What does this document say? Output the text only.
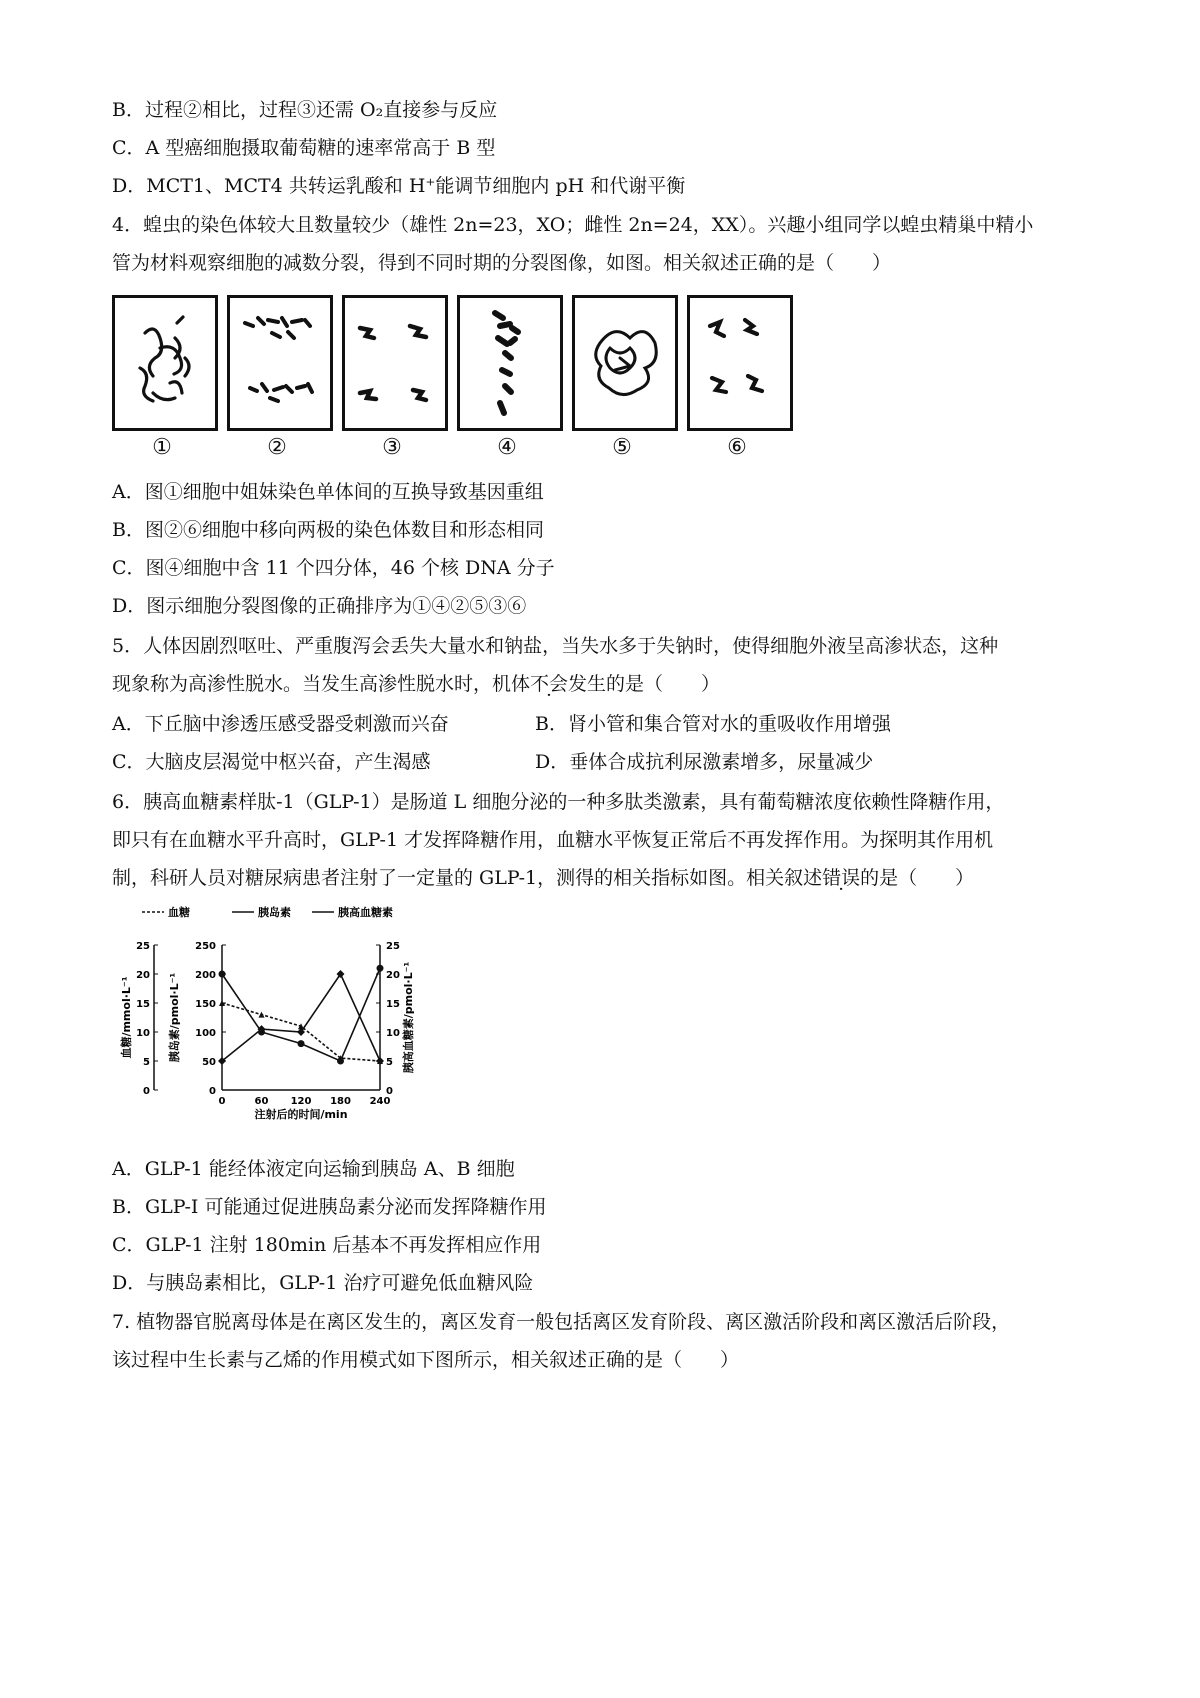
B．过程②相比，过程③还需 O₂直接参与反应
C．A 型癌细胞摄取葡萄糖的速率常高于 B 型
D．MCT1、MCT4 共转运乳酸和 H⁺能调节细胞内 pH 和代谢平衡
4．蝗虫的染色体较大且数量较少（雄性 2n=23，XO；雌性 2n=24，XX）。兴趣小组同学以蝗虫精巢中精小
管为材料观察细胞的减数分裂，得到不同时期的分裂图像，如图。相关叙述正确的是（　　）
①	②	③	④	⑤	⑥
A．图①细胞中姐妹染色单体间的互换导致基因重组
B．图②⑥细胞中移向两极的染色体数目和形态相同
C．图④细胞中含 11 个四分体，46 个核 DNA 分子
D．图示细胞分裂图像的正确排序为①④②⑤③⑥
5．人体因剧烈呕吐、严重腹泻会丢失大量水和钠盐，当失水多于失钠时，使得细胞外液呈高渗状态，这种
现象称为高渗性脱水。当发生高渗性脱水时，机体不会发生的是（　　）
A．下丘脑中渗透压感受器受刺激而兴奋	B．肾小管和集合管对水的重吸收作用增强
C．大脑皮层渴觉中枢兴奋，产生渴感	D．垂体合成抗利尿激素增多，尿量减少
6．胰高血糖素样肽-1（GLP-1）是肠道 L 细胞分泌的一种多肽类激素，具有葡萄糖浓度依赖性降糖作用，
即只有在血糖水平升高时，GLP-1 才发挥降糖作用，血糖水平恢复正常后不再发挥作用。为探明其作用机
制，科研人员对糖尿病患者注射了一定量的 GLP-1，测得的相关指标如图。相关叙述错误的是（　　）
血糖	胰岛素	胰高血糖素
0
5
10
15
20
25
0
50
100
150
200
250
0
5
10
15
20
25
0	60 120 180 240
血糖/mmol·L⁻¹	胰岛素/pmol·L⁻¹	胰高血糖素/pmol·L⁻¹
注射后的时间/min
A．GLP-1 能经体液定向运输到胰岛 A、B 细胞
B．GLP-I 可能通过促进胰岛素分泌而发挥降糖作用
C．GLP-1 注射 180min 后基本不再发挥相应作用
D．与胰岛素相比，GLP-1 治疗可避免低血糖风险
7. 植物器官脱离母体是在离区发生的，离区发育一般包括离区发育阶段、离区激活阶段和离区激活后阶段，
该过程中生长素与乙烯的作用模式如下图所示，相关叙述正确的是（　　）
